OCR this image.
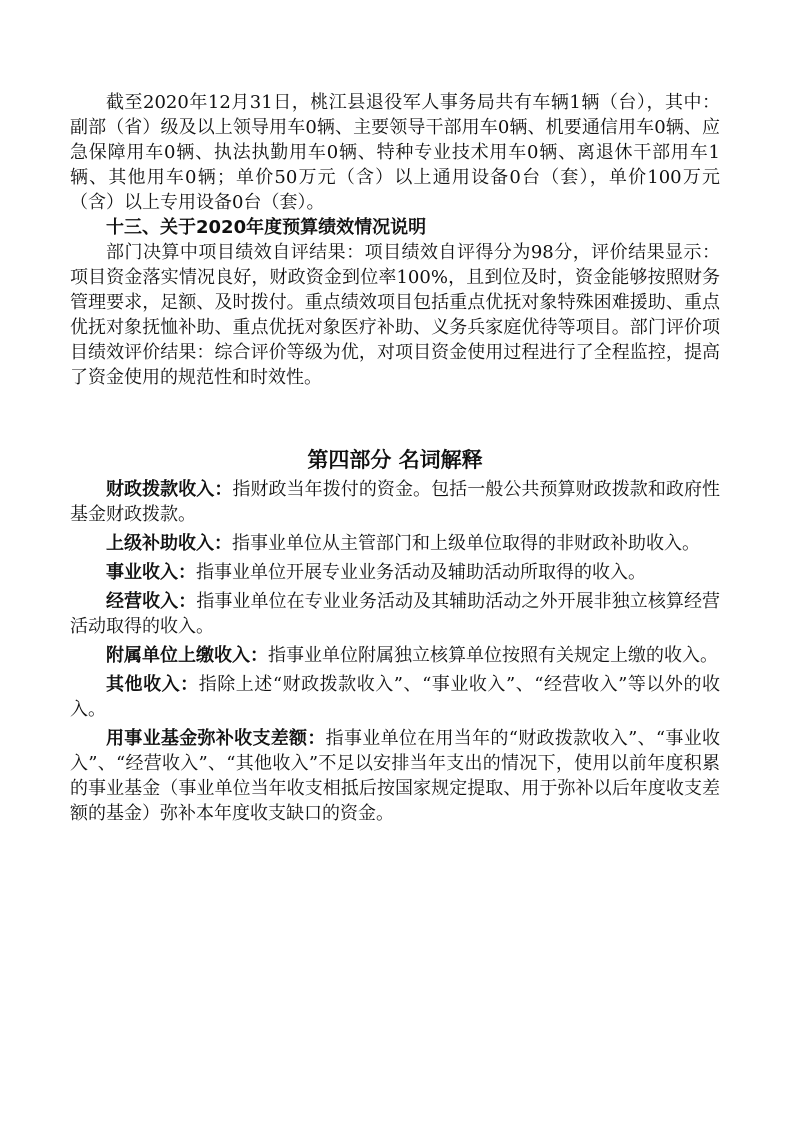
截至2020年12月31日，桃江县退役军人事务局共有车辆1辆（台），其中：副部（省）级及以上领导用车0辆、主要领导干部用车0辆、机要通信用车0辆、应急保障用车0辆、执法执勤用车0辆、特种专业技术用车0辆、离退休干部用车1辆、其他用车0辆；单价50万元（含）以上通用设备0台（套），单价100万元（含）以上专用设备0台（套）。

十三、关于2020年度预算绩效情况说明

部门决算中项目绩效自评结果：项目绩效自评得分为98分，评价结果显示：项目资金落实情况良好，财政资金到位率100%，且到位及时，资金能够按照财务管理要求，足额、及时拨付。重点绩效项目包括重点优抚对象特殊困难援助、重点优抚对象抚恤补助、重点优抚对象医疗补助、义务兵家庭优待等项目。部门评价项目绩效评价结果：综合评价等级为优，对项目资金使用过程进行了全程监控，提高了资金使用的规范性和时效性。

第四部分 名词解释

财政拨款收入：指财政当年拨付的资金。包括一般公共预算财政拨款和政府性基金财政拨款。

上级补助收入：指事业单位从主管部门和上级单位取得的非财政补助收入。

事业收入：指事业单位开展专业业务活动及辅助活动所取得的收入。

经营收入：指事业单位在专业业务活动及其辅助活动之外开展非独立核算经营活动取得的收入。

附属单位上缴收入：指事业单位附属独立核算单位按照有关规定上缴的收入。

其他收入：指除上述“财政拨款收入”、“事业收入”、“经营收入”等以外的收入。

用事业基金弥补收支差额：指事业单位在用当年的“财政拨款收入”、“事业收入”、“经营收入”、“其他收入”不足以安排当年支出的情况下，使用以前年度积累的事业基金（事业单位当年收支相抵后按国家规定提取、用于弥补以后年度收支差额的基金）弥补本年度收支缺口的资金。
